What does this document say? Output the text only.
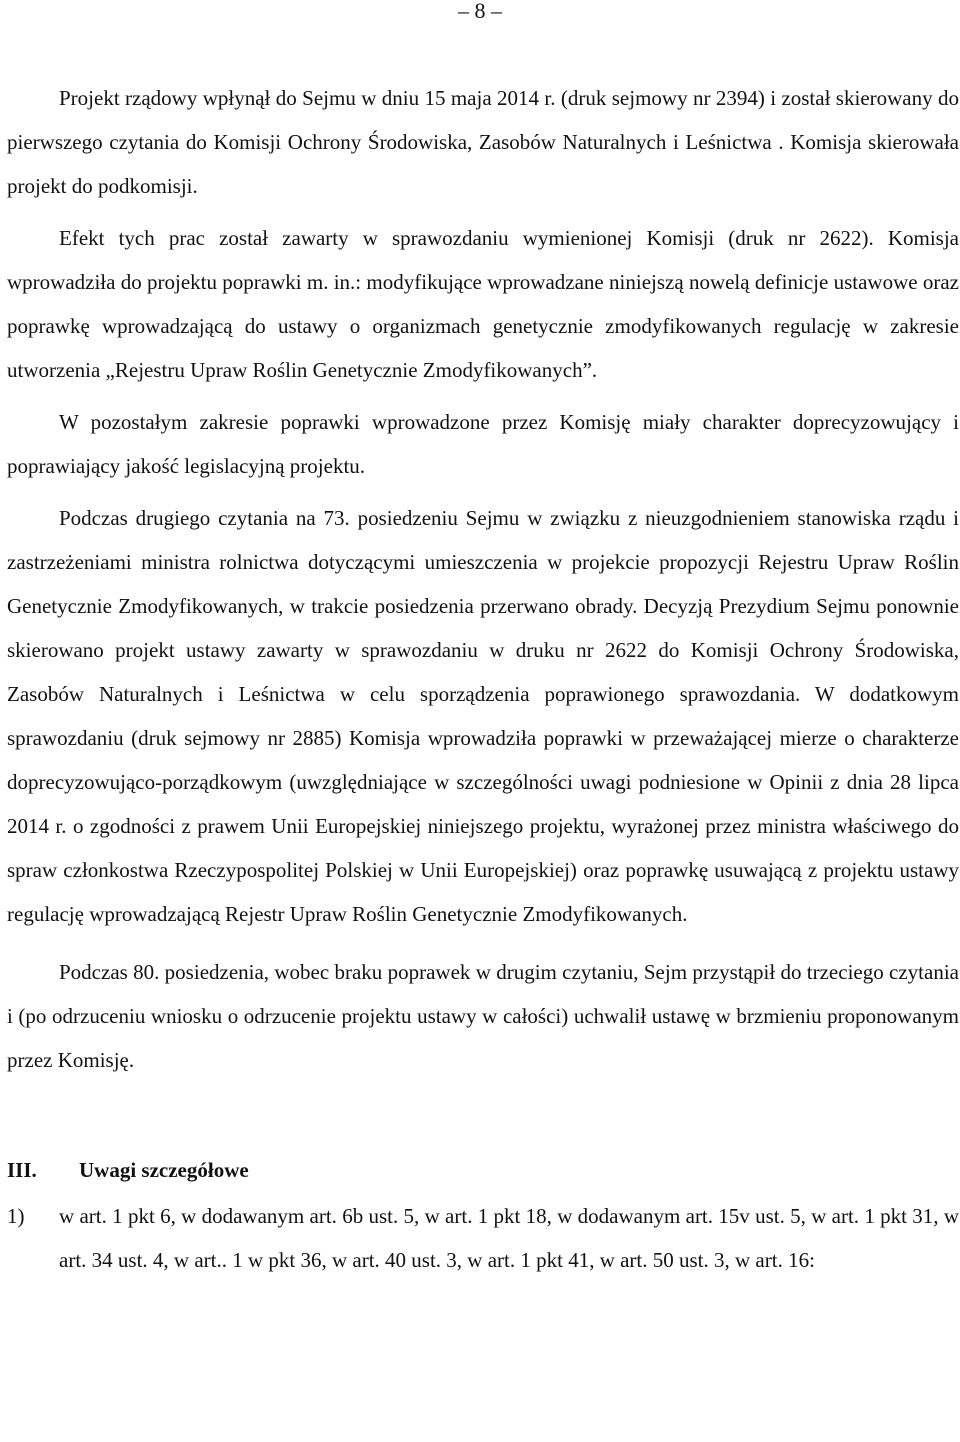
– 8 –

Projekt rządowy wpłynął do Sejmu w dniu 15 maja 2014 r. (druk sejmowy nr 2394) i został skierowany do pierwszego czytania do Komisji Ochrony Środowiska, Zasobów Naturalnych i Leśnictwa . Komisja skierowała projekt do podkomisji.

Efekt tych prac został zawarty w sprawozdaniu wymienionej Komisji (druk nr 2622). Komisja wprowadziła do projektu poprawki m. in.: modyfikujące wprowadzane niniejszą nowelą definicje ustawowe oraz poprawkę wprowadzającą do ustawy o organizmach genetycznie zmodyfikowanych regulację w zakresie utworzenia „Rejestru Upraw Roślin Genetycznie Zmodyfikowanych”.

W pozostałym zakresie poprawki wprowadzone przez Komisję miały charakter doprecyzowujący i poprawiający jakość legislacyjną projektu.

Podczas drugiego czytania na 73. posiedzeniu Sejmu w związku z nieuzgodnieniem stanowiska rządu i zastrzeżeniami ministra rolnictwa dotyczącymi umieszczenia w projekcie propozycji Rejestru Upraw Roślin Genetycznie Zmodyfikowanych, w trakcie posiedzenia przerwano obrady. Decyzją Prezydium Sejmu ponownie skierowano projekt ustawy zawarty w sprawozdaniu w druku nr 2622 do Komisji Ochrony Środowiska, Zasobów Naturalnych i Leśnictwa w celu sporządzenia poprawionego sprawozdania. W dodatkowym sprawozdaniu (druk sejmowy nr 2885) Komisja wprowadziła poprawki w przeważającej mierze o charakterze doprecyzowująco-porządkowym (uwzględniające w szczególności uwagi podniesione w Opinii z dnia 28 lipca 2014 r. o zgodności z prawem Unii Europejskiej niniejszego projektu, wyrażonej przez ministra właściwego do spraw członkostwa Rzeczypospolitej Polskiej w Unii Europejskiej) oraz poprawkę usuwającą z projektu ustawy regulację wprowadzającą Rejestr Upraw Roślin Genetycznie Zmodyfikowanych.

Podczas 80. posiedzenia, wobec braku poprawek w drugim czytaniu, Sejm przystąpił do trzeciego czytania i (po odrzuceniu wniosku o odrzucenie projektu ustawy w całości) uchwalił ustawę w brzmieniu proponowanym przez Komisję.

III.	Uwagi szczegółowe
1)	w art. 1 pkt 6, w dodawanym art. 6b ust. 5, w art. 1 pkt 18, w dodawanym art. 15v ust. 5, w art. 1 pkt 31, w art. 34 ust. 4, w art.. 1 w pkt 36, w art. 40 ust. 3, w art. 1 pkt 41, w art. 50 ust. 3, w art. 16:
